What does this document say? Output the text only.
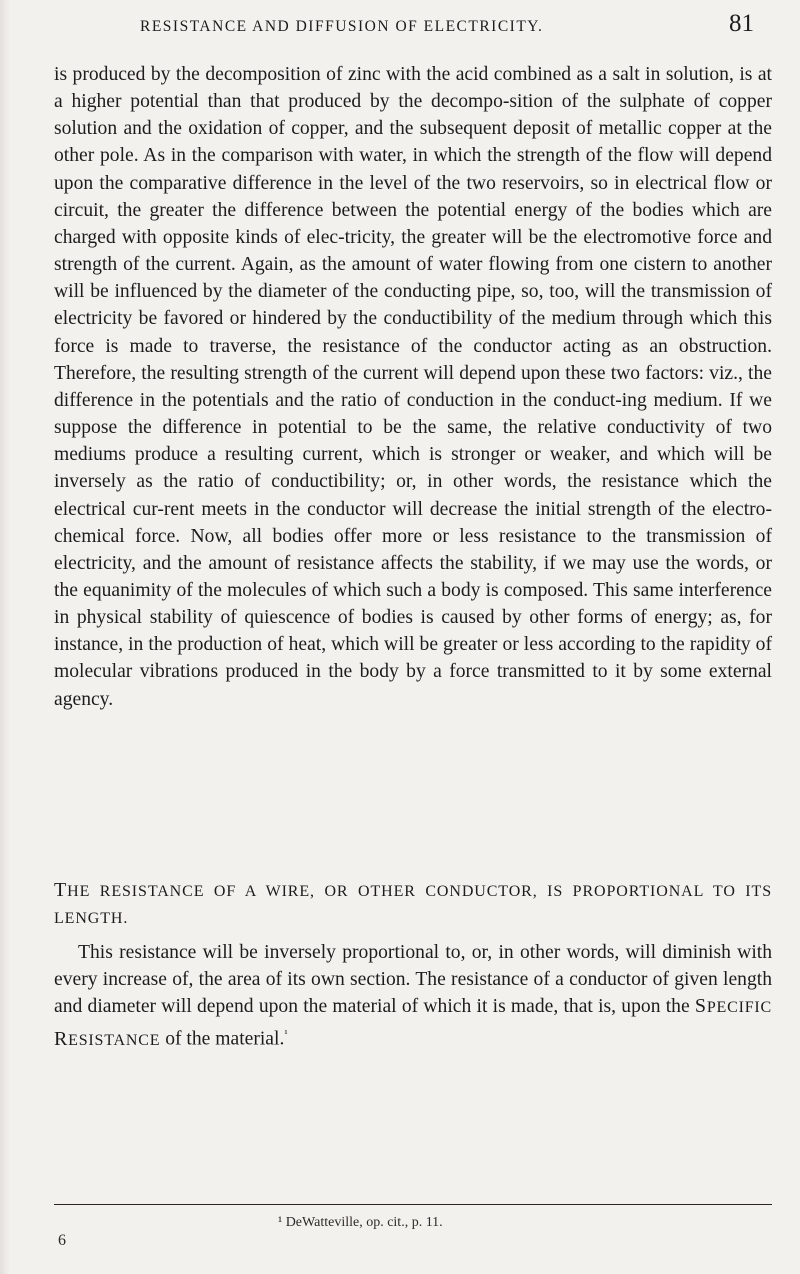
RESISTANCE AND DIFFUSION OF ELECTRICITY.	81
is produced by the decomposition of zinc with the acid combined as a salt in solution, is at a higher potential than that produced by the decompo-sition of the sulphate of copper solution and the oxidation of copper, and the subsequent deposit of metallic copper at the other pole. As in the comparison with water, in which the strength of the flow will depend upon the comparative difference in the level of the two reservoirs, so in electrical flow or circuit, the greater the difference between the potential energy of the bodies which are charged with opposite kinds of elec-tricity, the greater will be the electromotive force and strength of the current. Again, as the amount of water flowing from one cistern to another will be influenced by the diameter of the conducting pipe, so, too, will the transmission of electricity be favored or hindered by the conductibility of the medium through which this force is made to traverse, the resistance of the conductor acting as an obstruction. Therefore, the resulting strength of the current will depend upon these two factors: viz., the difference in the potentials and the ratio of conduction in the conduct-ing medium. If we suppose the difference in potential to be the same, the relative conductivity of two mediums produce a resulting current, which is stronger or weaker, and which will be inversely as the ratio of conductibility; or, in other words, the resistance which the electrical cur-rent meets in the conductor will decrease the initial strength of the electro-chemical force. Now, all bodies offer more or less resistance to the transmission of electricity, and the amount of resistance affects the stability, if we may use the words, or the equanimity of the molecules of which such a body is composed. This same interference in physical stability of quiescence of bodies is caused by other forms of energy; as, for instance, in the production of heat, which will be greater or less according to the rapidity of molecular vibrations produced in the body by a force transmitted to it by some external agency.
THE RESISTANCE OF A WIRE, OR OTHER CONDUCTOR, IS PROPORTIONAL TO ITS LENGTH.
This resistance will be inversely proportional to, or, in other words, will diminish with every increase of, the area of its own section. The resistance of a conductor of given length and diameter will depend upon the material of which it is made, that is, upon the SPECIFIC RESISTANCE of the material.$^{^1}$
¹ DeWatteville, op. cit., p. 11.
6
